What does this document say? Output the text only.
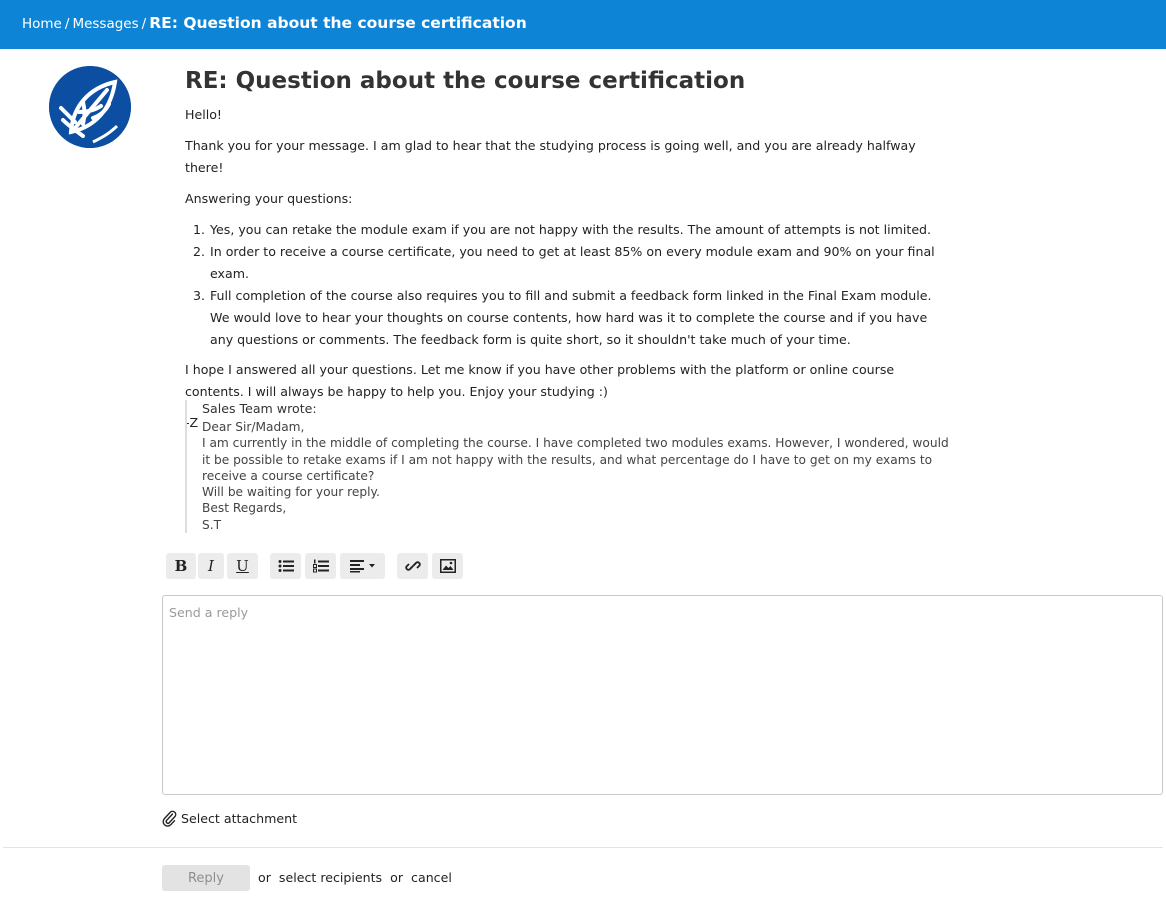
Home / Messages / RE: Question about the course certification
RE: Question about the course certification

Hello!

Thank you for your message. I am glad to hear that the studying process is going well, and you are already halfway there!

Answering your questions:

1. Yes, you can retake the module exam if you are not happy with the results. The amount of attempts is not limited.
2. In order to receive a course certificate, you need to get at least 85% on every module exam and 90% on your final exam.
3. Full completion of the course also requires you to fill and submit a feedback form linked in the Final Exam module. We would love to hear your thoughts on course contents, how hard was it to complete the course and if you have any questions or comments. The feedback form is quite short, so it shouldn't take much of your time.

I hope I answered all your questions. Let me know if you have other problems with the platform or online course contents. I will always be happy to help you. Enjoy your studying :)

-Z

Sales Team wrote:

Dear Sir/Madam,

I am currently in the middle of completing the course. I have completed two modules exams. However, I wondered, would it be possible to retake exams if I am not happy with the results, and what percentage do I have to get on my exams to receive a course certificate?

Will be waiting for your reply.

Best Regards,

S.T

B I U
Send a reply
Select attachment
Reply	or select recipients or cancel
